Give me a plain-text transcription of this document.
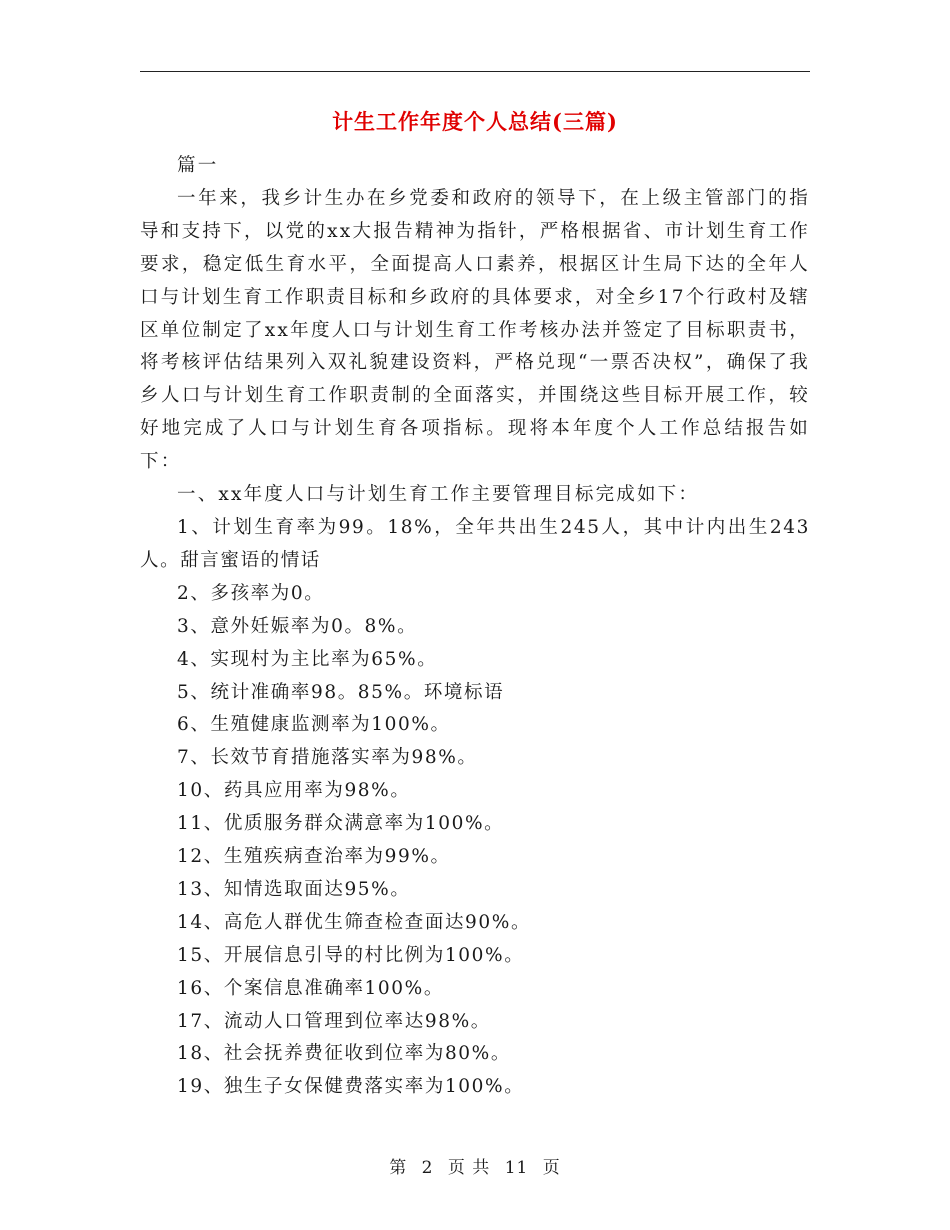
计生工作年度个人总结(三篇)

篇一

一年来，我乡计生办在乡党委和政府的领导下，在上级主管部门的指导和支持下，以党的xx大报告精神为指针，严格根据省、市计划生育工作要求，稳定低生育水平，全面提高人口素养，根据区计生局下达的全年人口与计划生育工作职责目标和乡政府的具体要求，对全乡17个行政村及辖区单位制定了xx年度人口与计划生育工作考核办法并签定了目标职责书，将考核评估结果列入双礼貌建设资料，严格兑现“一票否决权”，确保了我乡人口与计划生育工作职责制的全面落实，并围绕这些目标开展工作，较好地完成了人口与计划生育各项指标。现将本年度个人工作总结报告如下：

一、xx年度人口与计划生育工作主要管理目标完成如下：

1、计划生育率为99。18%，全年共出生245人，其中计内出生243人。甜言蜜语的情话

2、多孩率为0。

3、意外妊娠率为0。8%。

4、实现村为主比率为65%。

5、统计准确率98。85%。环境标语

6、生殖健康监测率为100%。

7、长效节育措施落实率为98%。

10、药具应用率为98%。

11、优质服务群众满意率为100%。

12、生殖疾病查治率为99%。

13、知情选取面达95%。

14、高危人群优生筛查检查面达90%。

15、开展信息引导的村比例为100%。

16、个案信息准确率100%。

17、流动人口管理到位率达98%。

18、社会抚养费征收到位率为80%。

19、独生子女保健费落实率为100%。

第 2 页 共 11 页
